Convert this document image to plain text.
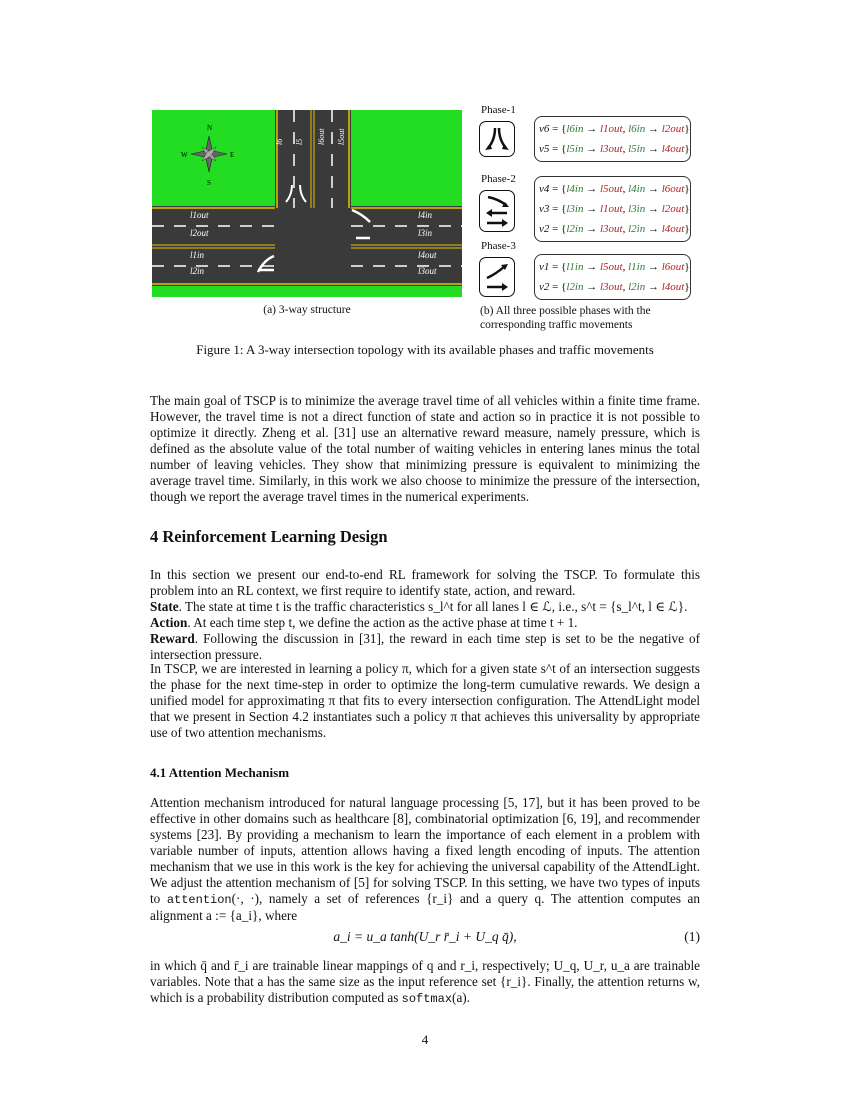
N
S
E
W
l1out
l2out
l1in
l2in
l4in
l3in
l4out
l3out
l6 l5 l6out l5out
(a) 3-way structure
Phase-1
v6 = {l6in → l1out, l6in → l2out}
v5 = {l5in → l3out, l5in → l4out}
Phase-2
v4 = {l4in → l5out, l4in → l6out}
v3 = {l3in → l1out, l3in → l2out}
v2 = {l2in → l3out, l2in → l4out}
Phase-3
v1 = {l1in → l5out, l1in → l6out}
v2 = {l2in → l3out, l2in → l4out}
(b) All three possible phases with the corresponding traffic movements
Figure 1: A 3-way intersection topology with its available phases and traffic movements
The main goal of TSCP is to minimize the average travel time of all vehicles within a finite time frame. However, the travel time is not a direct function of state and action so in practice it is not possible to optimize it directly. Zheng et al. [31] use an alternative reward measure, namely pressure, which is defined as the absolute value of the total number of waiting vehicles in entering lanes minus the total number of leaving vehicles. They show that minimizing pressure is equivalent to minimizing the average travel time. Similarly, in this work we also choose to minimize the pressure of the intersection, though we report the average travel times in the numerical experiments.
4 Reinforcement Learning Design
In this section we present our end-to-end RL framework for solving the TSCP. To formulate this problem into an RL context, we first require to identify state, action, and reward.
State. The state at time t is the traffic characteristics s_l^t for all lanes l ∈ ℒ, i.e., s^t = {s_l^t, l ∈ ℒ}.
Action. At each time step t, we define the action as the active phase at time t + 1.
Reward. Following the discussion in [31], the reward in each time step is set to be the negative of intersection pressure.
In TSCP, we are interested in learning a policy π, which for a given state s^t of an intersection suggests the phase for the next time-step in order to optimize the long-term cumulative rewards. We design a unified model for approximating π that fits to every intersection configuration. The AttendLight model that we present in Section 4.2 instantiates such a policy π that achieves this universality by appropriate use of two attention mechanisms.
4.1 Attention Mechanism
Attention mechanism introduced for natural language processing [5, 17], but it has been proved to be effective in other domains such as healthcare [8], combinatorial optimization [6, 19], and recommender systems [23]. By providing a mechanism to learn the importance of each element in a problem with variable number of inputs, attention allows having a fixed length encoding of inputs. The attention mechanism that we use in this work is the key for achieving the universal capability of the AttendLight. We adjust the attention mechanism of [5] for solving TSCP. In this setting, we have two types of inputs to attention(·, ·), namely a set of references {r_i} and a query q. The attention computes an alignment a := {a_i}, where
a_i = u_a tanh(U_r r̄_i + U_q q̄),	(1)
in which q̄ and r̄_i are trainable linear mappings of q and r_i, respectively; U_q, U_r, u_a are trainable variables. Note that a has the same size as the input reference set {r_i}. Finally, the attention returns w, which is a probability distribution computed as softmax(a).
4
